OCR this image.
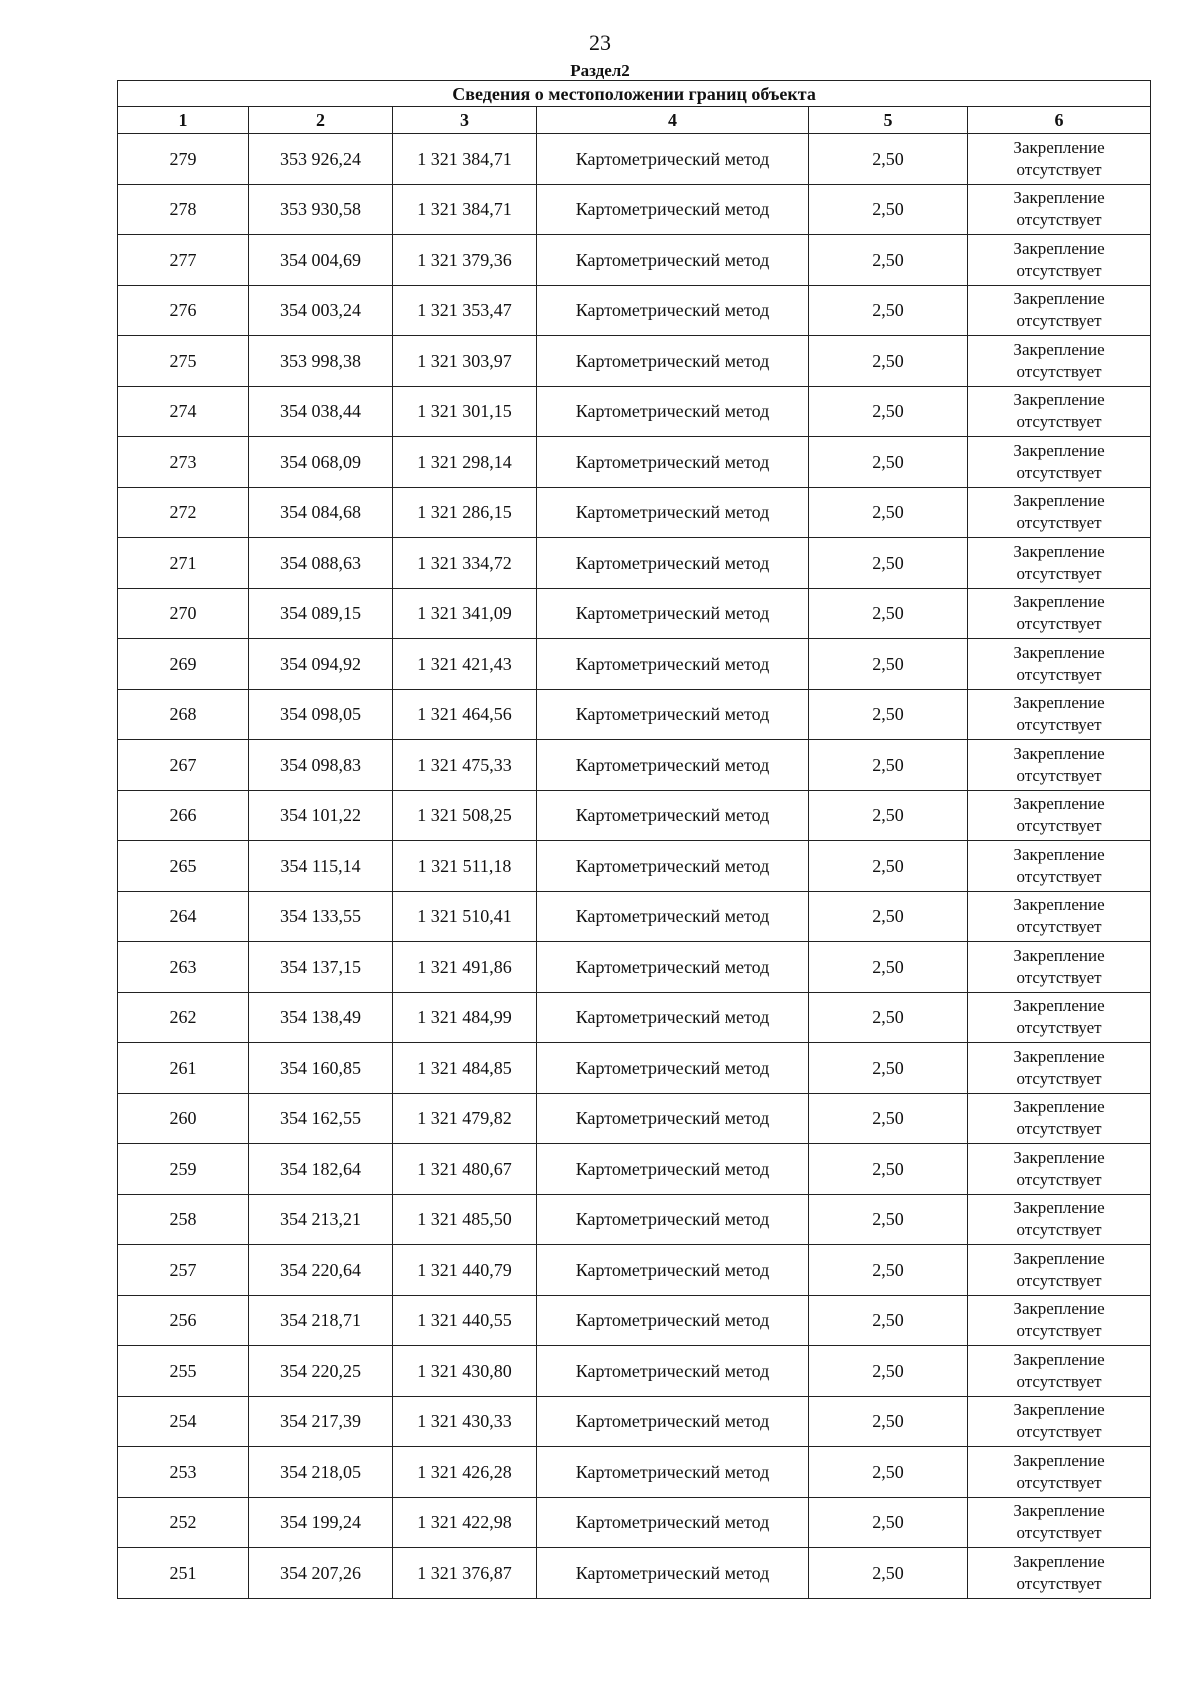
23
Раздел2
Сведения о местоположении границ объекта					
1	2	3	4	5	6
279	353 926,24	1 321 384,71	Картометрический метод	2,50	Закрепление
отсутствует

278	353 930,58	1 321 384,71	Картометрический метод	2,50	Закрепление
отсутствует

277	354 004,69	1 321 379,36	Картометрический метод	2,50	Закрепление
отсутствует

276	354 003,24	1 321 353,47	Картометрический метод	2,50	Закрепление
отсутствует

275	353 998,38	1 321 303,97	Картометрический метод	2,50	Закрепление
отсутствует

274	354 038,44	1 321 301,15	Картометрический метод	2,50	Закрепление
отсутствует

273	354 068,09	1 321 298,14	Картометрический метод	2,50	Закрепление
отсутствует

272	354 084,68	1 321 286,15	Картометрический метод	2,50	Закрепление
отсутствует

271	354 088,63	1 321 334,72	Картометрический метод	2,50	Закрепление
отсутствует

270	354 089,15	1 321 341,09	Картометрический метод	2,50	Закрепление
отсутствует

269	354 094,92	1 321 421,43	Картометрический метод	2,50	Закрепление
отсутствует

268	354 098,05	1 321 464,56	Картометрический метод	2,50	Закрепление
отсутствует

267	354 098,83	1 321 475,33	Картометрический метод	2,50	Закрепление
отсутствует

266	354 101,22	1 321 508,25	Картометрический метод	2,50	Закрепление
отсутствует

265	354 115,14	1 321 511,18	Картометрический метод	2,50	Закрепление
отсутствует

264	354 133,55	1 321 510,41	Картометрический метод	2,50	Закрепление
отсутствует

263	354 137,15	1 321 491,86	Картометрический метод	2,50	Закрепление
отсутствует

262	354 138,49	1 321 484,99	Картометрический метод	2,50	Закрепление
отсутствует

261	354 160,85	1 321 484,85	Картометрический метод	2,50	Закрепление
отсутствует

260	354 162,55	1 321 479,82	Картометрический метод	2,50	Закрепление
отсутствует

259	354 182,64	1 321 480,67	Картометрический метод	2,50	Закрепление
отсутствует

258	354 213,21	1 321 485,50	Картометрический метод	2,50	Закрепление
отсутствует

257	354 220,64	1 321 440,79	Картометрический метод	2,50	Закрепление
отсутствует

256	354 218,71	1 321 440,55	Картометрический метод	2,50	Закрепление
отсутствует

255	354 220,25	1 321 430,80	Картометрический метод	2,50	Закрепление
отсутствует

254	354 217,39	1 321 430,33	Картометрический метод	2,50	Закрепление
отсутствует

253	354 218,05	1 321 426,28	Картометрический метод	2,50	Закрепление
отсутствует

252	354 199,24	1 321 422,98	Картометрический метод	2,50	Закрепление
отсутствует

251	354 207,26	1 321 376,87	Картометрический метод	2,50	Закрепление
отсутствует
